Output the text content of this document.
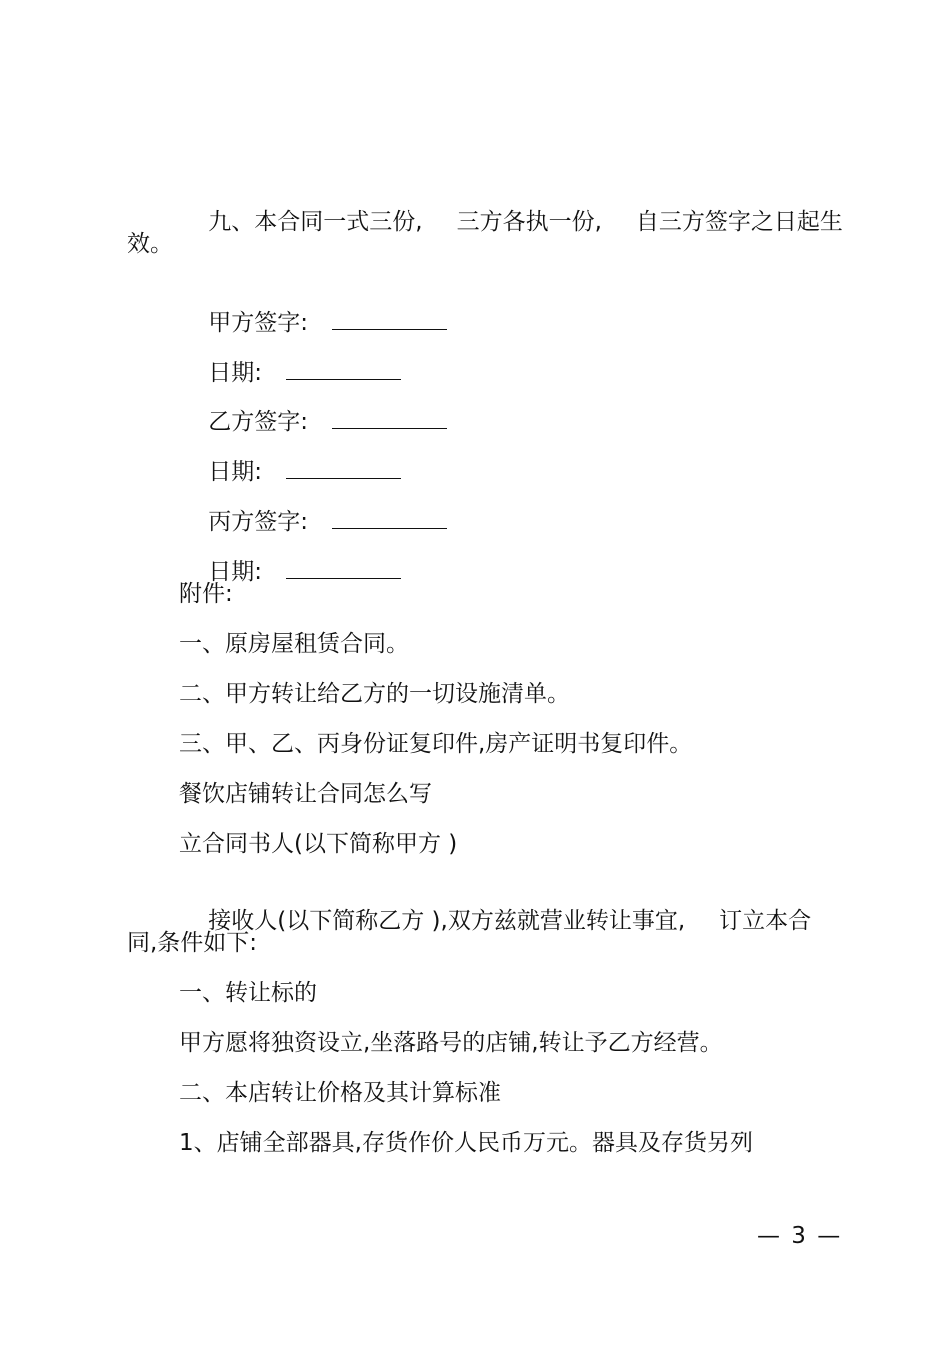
九、本合同一式三份, 三方各执一份, 自三方签字之日起生

效。

甲方签字:

日期:

乙方签字:

日期:

丙方签字:

日期:

附件:
一、原房屋租赁合同。
二、甲方转让给乙方的一切设施清单。
三、甲、乙、丙身份证复印件,房产证明书复印件。
餐饮店铺转让合同怎么写
立合同书人(以下简称甲方 )

接收人(以下简称乙方 ),双方兹就营业转让事宜, 订立本合

同,条件如下:
一、转让标的
甲方愿将独资设立,坐落路号的店铺,转让予乙方经营。
二、本店转让价格及其计算标准
1、店铺全部器具,存货作价人民币万元。器具及存货另列
— 3 —
